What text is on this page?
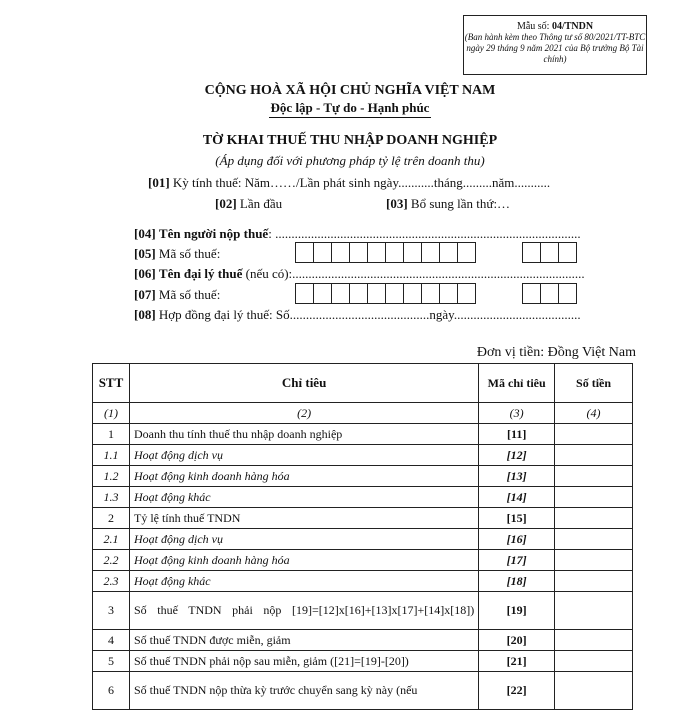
Mẫu số: 04/TNDN
(Ban hành kèm theo Thông tư số 80/2021/TT-BTC ngày 29 tháng 9 năm 2021 của Bộ trưởng Bộ Tài chính)
CỘNG HOÀ XÃ HỘI CHỦ NGHĨA VIỆT NAM
Độc lập - Tự do - Hạnh phúc
TỜ KHAI THUẾ THU NHẬP DOANH NGHIỆP
(Áp dụng đối với phương pháp tỷ lệ trên doanh thu)
[01] Kỳ tính thuế: Năm……/Lần phát sinh ngày...........tháng.........năm...........
[02] Lần đầu	[03] Bổ sung lần thứ:…
[04] Tên người nộp thuế: ..............................................................................................
[05] Mã số thuế:
[06] Tên đại lý thuế (nếu có):..........................................................................................
[07] Mã số thuế:
[08] Hợp đồng đại lý thuế: Số...........................................ngày.......................................
Đơn vị tiền: Đồng Việt Nam
STT	Chỉ tiêu	Mã chỉ tiêu	Số tiền
(1)	(2)	(3)	(4)
1	Doanh thu tính thuế thu nhập doanh nghiệp	[11]	
1.1	Hoạt động dịch vụ	[12]	
1.2	Hoạt động kinh doanh hàng hóa	[13]	
1.3	Hoạt động khác	[14]	
2	Tỷ lệ tính thuế TNDN	[15]	
2.1	Hoạt động dịch vụ	[16]	
2.2	Hoạt động kinh doanh hàng hóa	[17]	
2.3	Hoạt động khác	[18]	
3	Số thuế TNDN phải nộp [19]=[12]x[16]+[13]x[17]+[14]x[18])	[19]	
4	Số thuế TNDN được miễn, giảm	[20]	
5	Số thuế TNDN phải nộp sau miễn, giảm ([21]=[19]-[20])	[21]	
6	Số thuế TNDN nộp thừa kỳ trước chuyển sang kỳ này (nếu	[22]	
